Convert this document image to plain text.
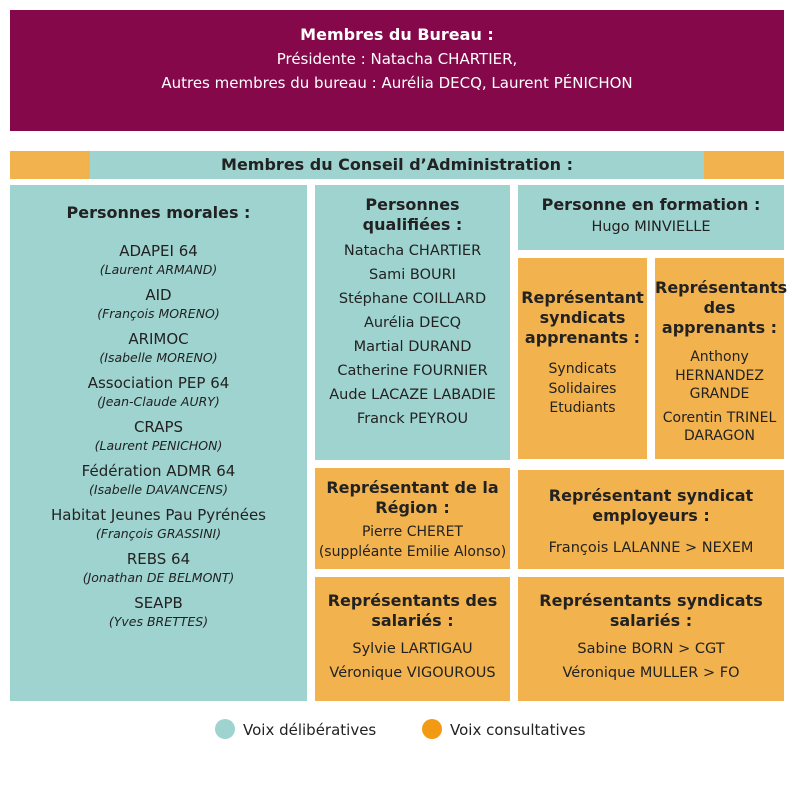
Membres du Bureau :
Présidente : Natacha CHARTIER,
Autres membres du bureau : Aurélia DECQ, Laurent PÉNICHON
Membres du Conseil d’Administration :
Personnes morales :
ADAPEI 64
(Laurent ARMAND)
AID
(François MORENO)
ARIMOC
(Isabelle MORENO)
Association PEP 64
(Jean-Claude AURY)
CRAPS
(Laurent PENICHON)
Fédération ADMR 64
(Isabelle DAVANCENS)
Habitat Jeunes Pau Pyrénées
(François GRASSINI)
REBS 64
(Jonathan DE BELMONT)
SEAPB
(Yves BRETTES)
Personnes
qualifiées :
Natacha CHARTIER
Sami BOURI
Stéphane COILLARD
Aurélia DECQ
Martial DURAND
Catherine FOURNIER
Aude LACAZE LABADIE
Franck PEYROU
Personne en formation :
Hugo MINVIELLE
Représentant
syndicats
apprenants :
Syndicats
Solidaires
Etudiants
Représentants
des
apprenants :
Anthony
HERNANDEZ
GRANDE
Corentin TRINEL
DARAGON
Représentant de la
Région :
Pierre CHERET
(suppléante Emilie Alonso)
Représentant syndicat
employeurs :
François LALANNE > NEXEM
Représentants des
salariés :
Sylvie LARTIGAU
Véronique VIGOUROUS
Représentants syndicats
salariés :
Sabine BORN > CGT
Véronique MULLER > FO
Voix délibératives	Voix consultatives
